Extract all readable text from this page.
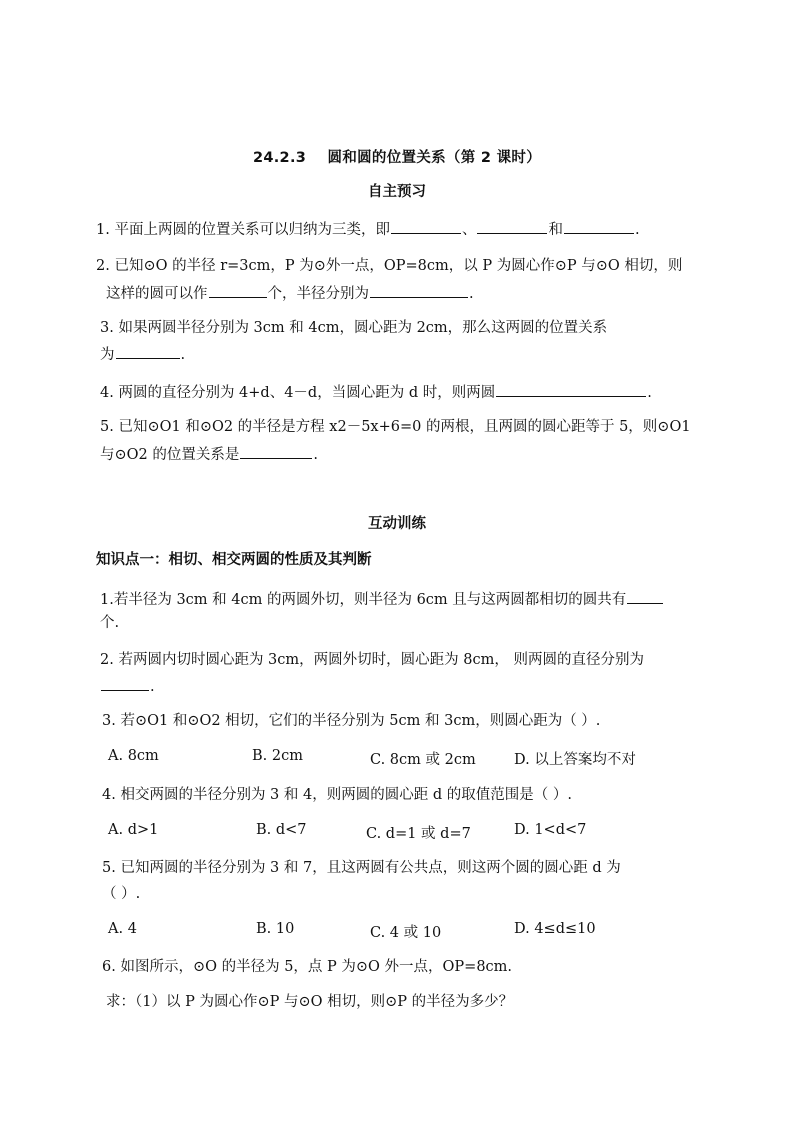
24.2.3    圆和圆的位置关系（第 2 课时）
自主预习
1. 平面上两圆的位置关系可以归纳为三类，即	、	和	.
2. 已知⊙O 的半径 r=3cm，P 为⊙外一点，OP=8cm，以 P 为圆心作⊙P 与⊙O 相切，则
这样的圆可以作	个，半径分别为	.
3. 如果两圆半径分别为 3cm 和 4cm，圆心距为 2cm，那么这两圆的位置关系
为	.
4. 两圆的直径分别为 4+d、4－d，当圆心距为 d 时，则两圆	.
5. 已知⊙O1 和⊙O2 的半径是方程 x2－5x+6=0 的两根，且两圆的圆心距等于 5，则⊙O1
与⊙O2 的位置关系是	.
互动训练
知识点一：相切、相交两圆的性质及其判断
1.若半径为 3cm 和 4cm 的两圆外切，则半径为 6cm 且与这两圆都相切的圆共有
个.
2. 若两圆内切时圆心距为 3cm，两圆外切时，圆心距为 8cm， 则两圆的直径分别为
.
3. 若⊙O1 和⊙O2 相切，它们的半径分别为 5cm 和 3cm，则圆心距为（ ）.
A. 8cm	B. 2cm	C. 8cm 或 2cm	D. 以上答案均不对
4. 相交两圆的半径分别为 3 和 4，则两圆的圆心距 d 的取值范围是（ ）.
A. d>1	B. d<7	C. d=1 或 d=7	D. 1<d<7
5. 已知两圆的半径分别为 3 和 7，且这两圆有公共点，则这两个圆的圆心距 d 为
（ ）.
A. 4	B. 10	C. 4 或 10	D. 4≤d≤10
6. 如图所示，⊙O 的半径为 5，点 P 为⊙O 外一点，OP=8cm.
求：（1）以 P 为圆心作⊙P 与⊙O 相切，则⊙P 的半径为多少？
